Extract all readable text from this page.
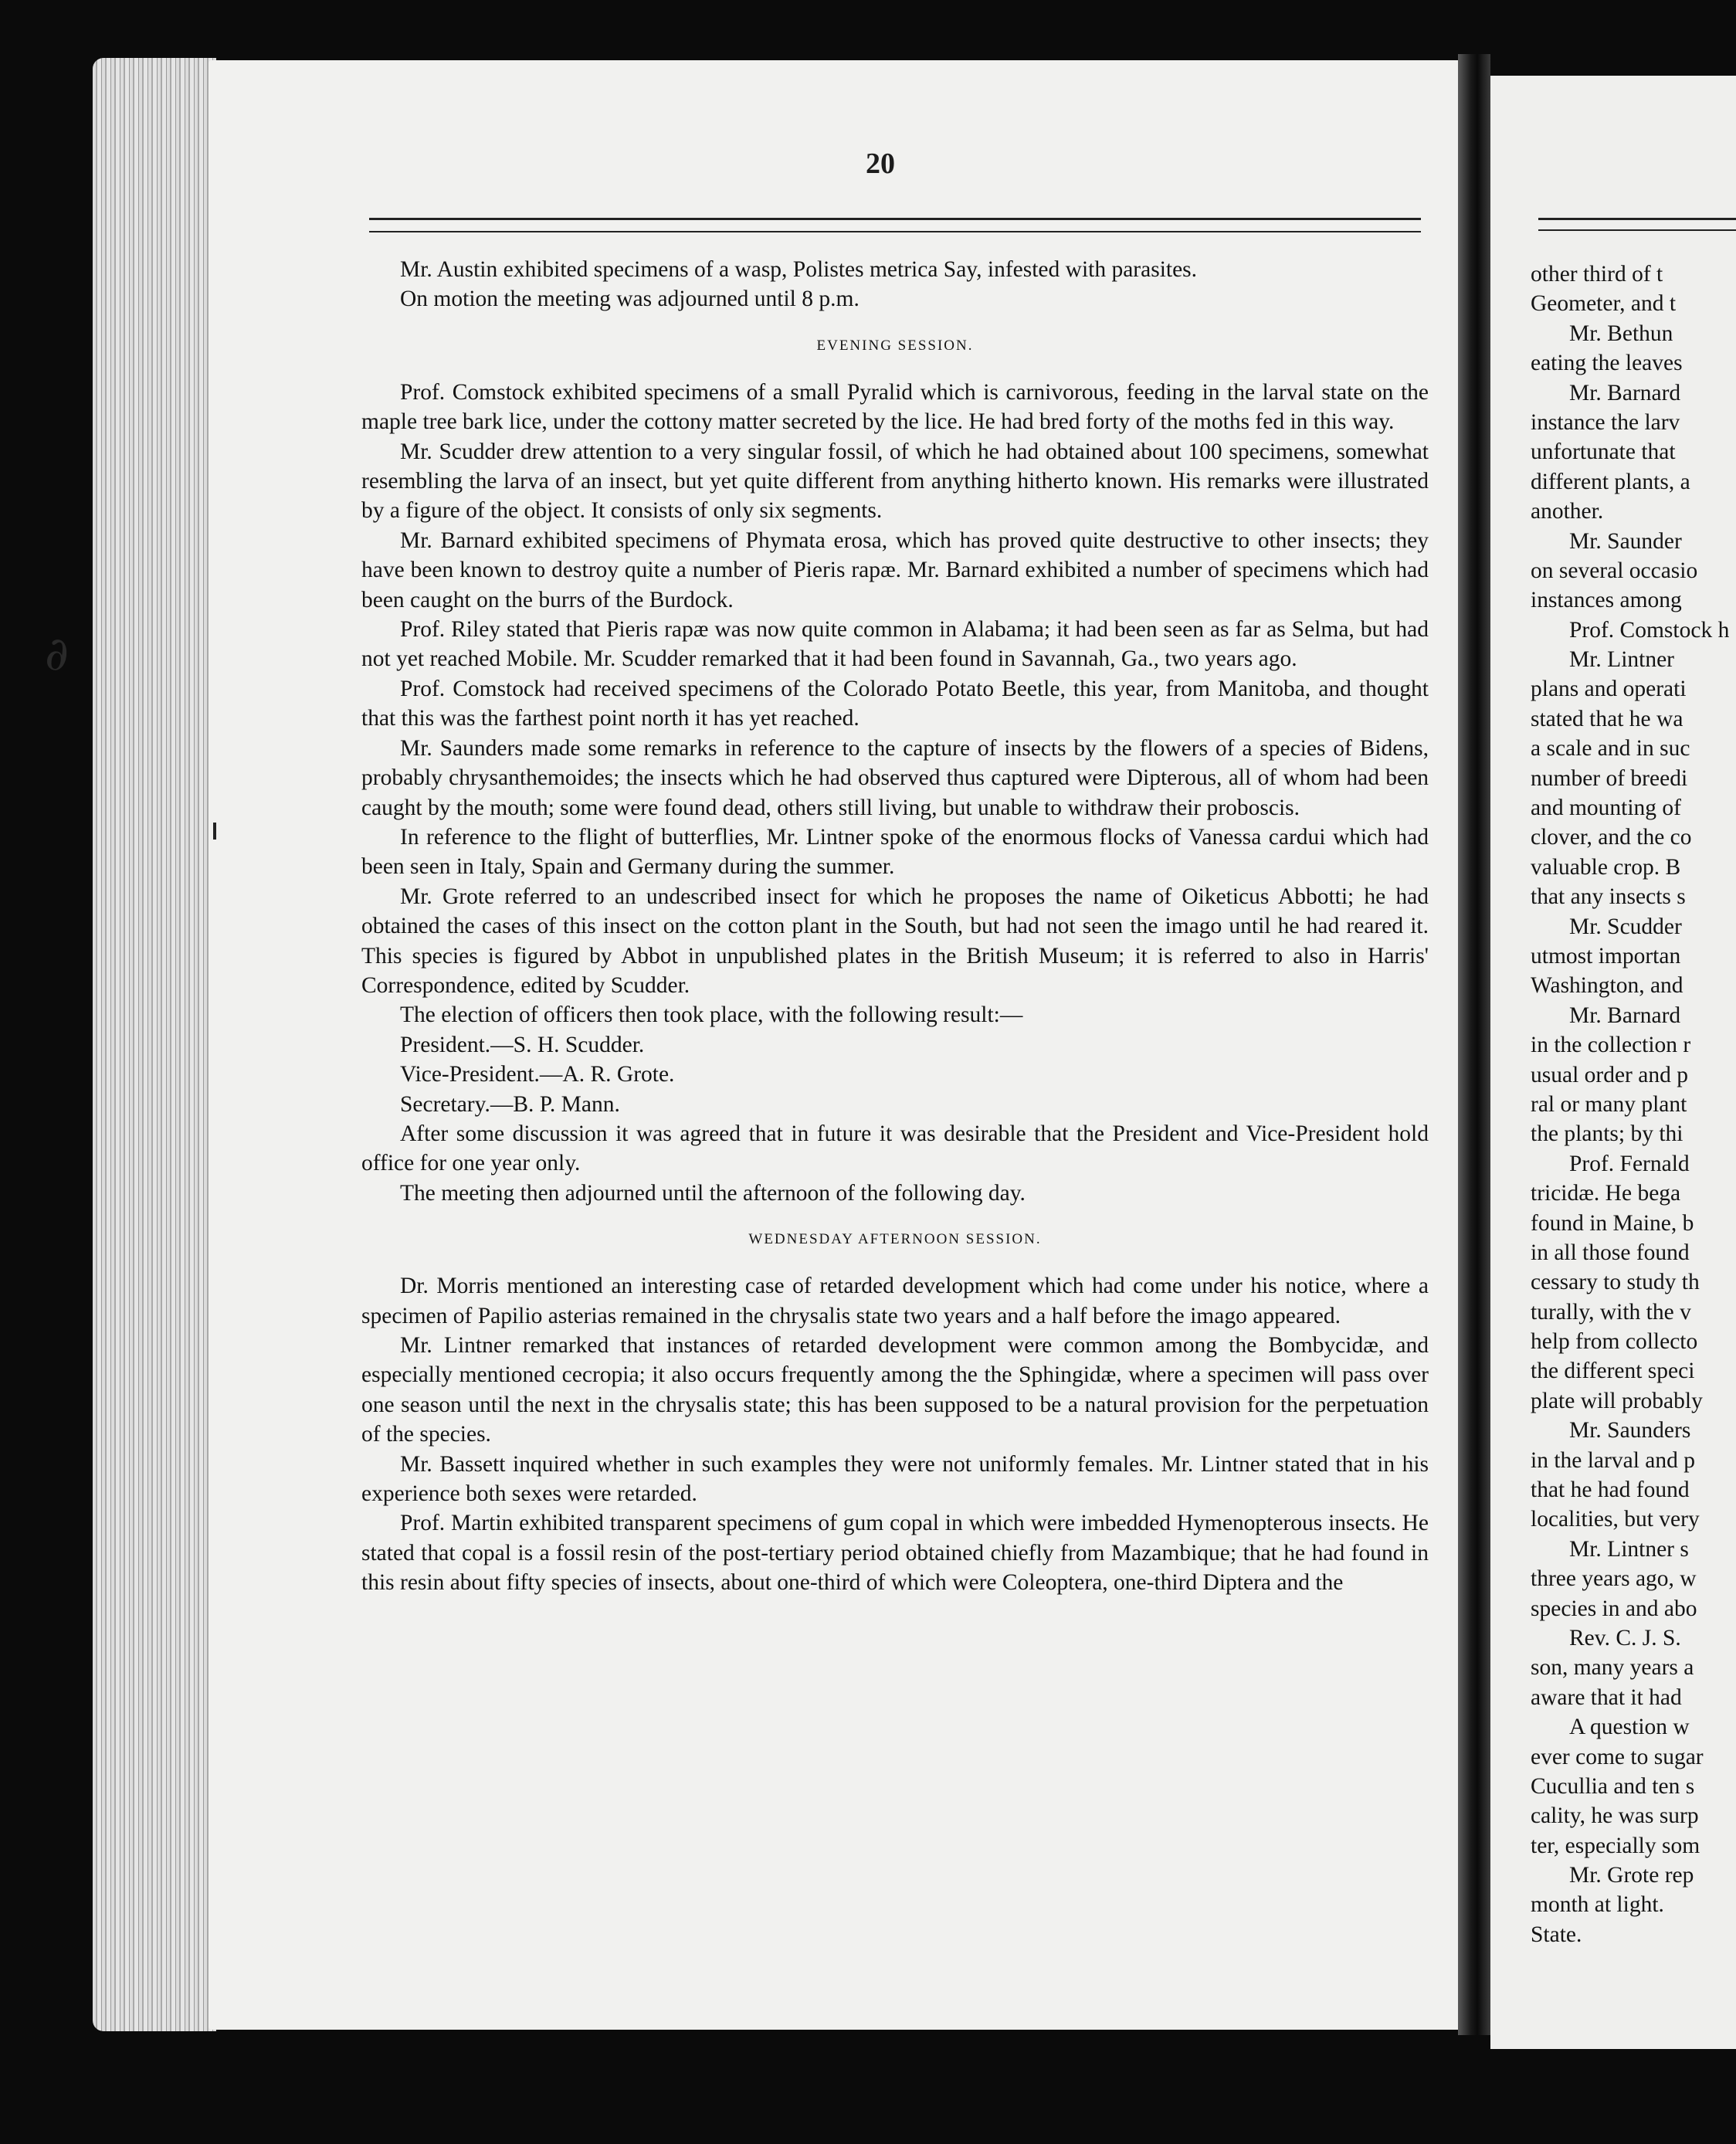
∂
20

Mr. Austin exhibited specimens of a wasp, Polistes metrica Say, infested with parasites.

On motion the meeting was adjourned until 8 p.m.

EVENING SESSION.

Prof. Comstock exhibited specimens of a small Pyralid which is carnivorous, feeding in the larval state on the maple tree bark lice, under the cottony matter secreted by the lice. He had bred forty of the moths fed in this way.

Mr. Scudder drew attention to a very singular fossil, of which he had obtained about 100 specimens, somewhat resembling the larva of an insect, but yet quite different from anything hitherto known. His remarks were illustrated by a figure of the object. It consists of only six segments.

Mr. Barnard exhibited specimens of Phymata erosa, which has proved quite destructive to other insects; they have been known to destroy quite a number of Pieris rapæ. Mr. Barnard exhibited a number of specimens which had been caught on the burrs of the Burdock.

Prof. Riley stated that Pieris rapæ was now quite common in Alabama; it had been seen as far as Selma, but had not yet reached Mobile. Mr. Scudder remarked that it had been found in Savannah, Ga., two years ago.

Prof. Comstock had received specimens of the Colorado Potato Beetle, this year, from Manitoba, and thought that this was the farthest point north it has yet reached.

Mr. Saunders made some remarks in reference to the capture of insects by the flowers of a species of Bidens, probably chrysanthemoides; the insects which he had observed thus captured were Dipterous, all of whom had been caught by the mouth; some were found dead, others still living, but unable to withdraw their proboscis.

In reference to the flight of butterflies, Mr. Lintner spoke of the enormous flocks of Vanessa cardui which had been seen in Italy, Spain and Germany during the summer.

Mr. Grote referred to an undescribed insect for which he proposes the name of Oiketicus Abbotti; he had obtained the cases of this insect on the cotton plant in the South, but had not seen the imago until he had reared it. This species is figured by Abbot in unpublished plates in the British Museum; it is referred to also in Harris' Correspondence, edited by Scudder.

The election of officers then took place, with the following result:—

President.—S. H. Scudder.

Vice-President.—A. R. Grote.

Secretary.—B. P. Mann.

After some discussion it was agreed that in future it was desirable that the President and Vice-President hold office for one year only.

The meeting then adjourned until the afternoon of the following day.

WEDNESDAY AFTERNOON SESSION.

Dr. Morris mentioned an interesting case of retarded development which had come under his notice, where a specimen of Papilio asterias remained in the chrysalis state two years and a half before the imago appeared.

Mr. Lintner remarked that instances of retarded development were common among the Bombycidæ, and especially mentioned cecropia; it also occurs frequently among the the Sphingidæ, where a specimen will pass over one season until the next in the chrysalis state; this has been supposed to be a natural provision for the perpetuation of the species.

Mr. Bassett inquired whether in such examples they were not uniformly females. Mr. Lintner stated that in his experience both sexes were retarded.

Prof. Martin exhibited transparent specimens of gum copal in which were imbedded Hymenopterous insects. He stated that copal is a fossil resin of the post-tertiary period obtained chiefly from Mazambique; that he had found in this resin about fifty species of insects, about one-third of which were Coleoptera, one-third Diptera and the

other third of t
Geometer, and t
Mr. Bethun
eating the leaves
Mr. Barnard
instance the larv
unfortunate that
different plants, a
another.
Mr. Saunder
on several occasio
instances among
Prof. Comstock h
Mr. Lintner
plans and operati
stated that he wa
a scale and in suc
number of breedi
and mounting of
clover, and the co
valuable crop. B
that any insects s
Mr. Scudder
utmost importan
Washington, and
Mr. Barnard
in the collection r
usual order and p
ral or many plant
the plants; by thi
Prof. Fernald
tricidæ. He bega
found in Maine, b
in all those found
cessary to study th
turally, with the v
help from collecto
the different speci
plate will probably
Mr. Saunders
in the larval and p
that he had found
localities, but very
Mr. Lintner s
three years ago, w
species in and abo
Rev. C. J. S.
son, many years a
aware that it had
A question w
ever come to sugar
Cucullia and ten s
cality, he was surp
ter, especially som
Mr. Grote rep
month at light.
State.
